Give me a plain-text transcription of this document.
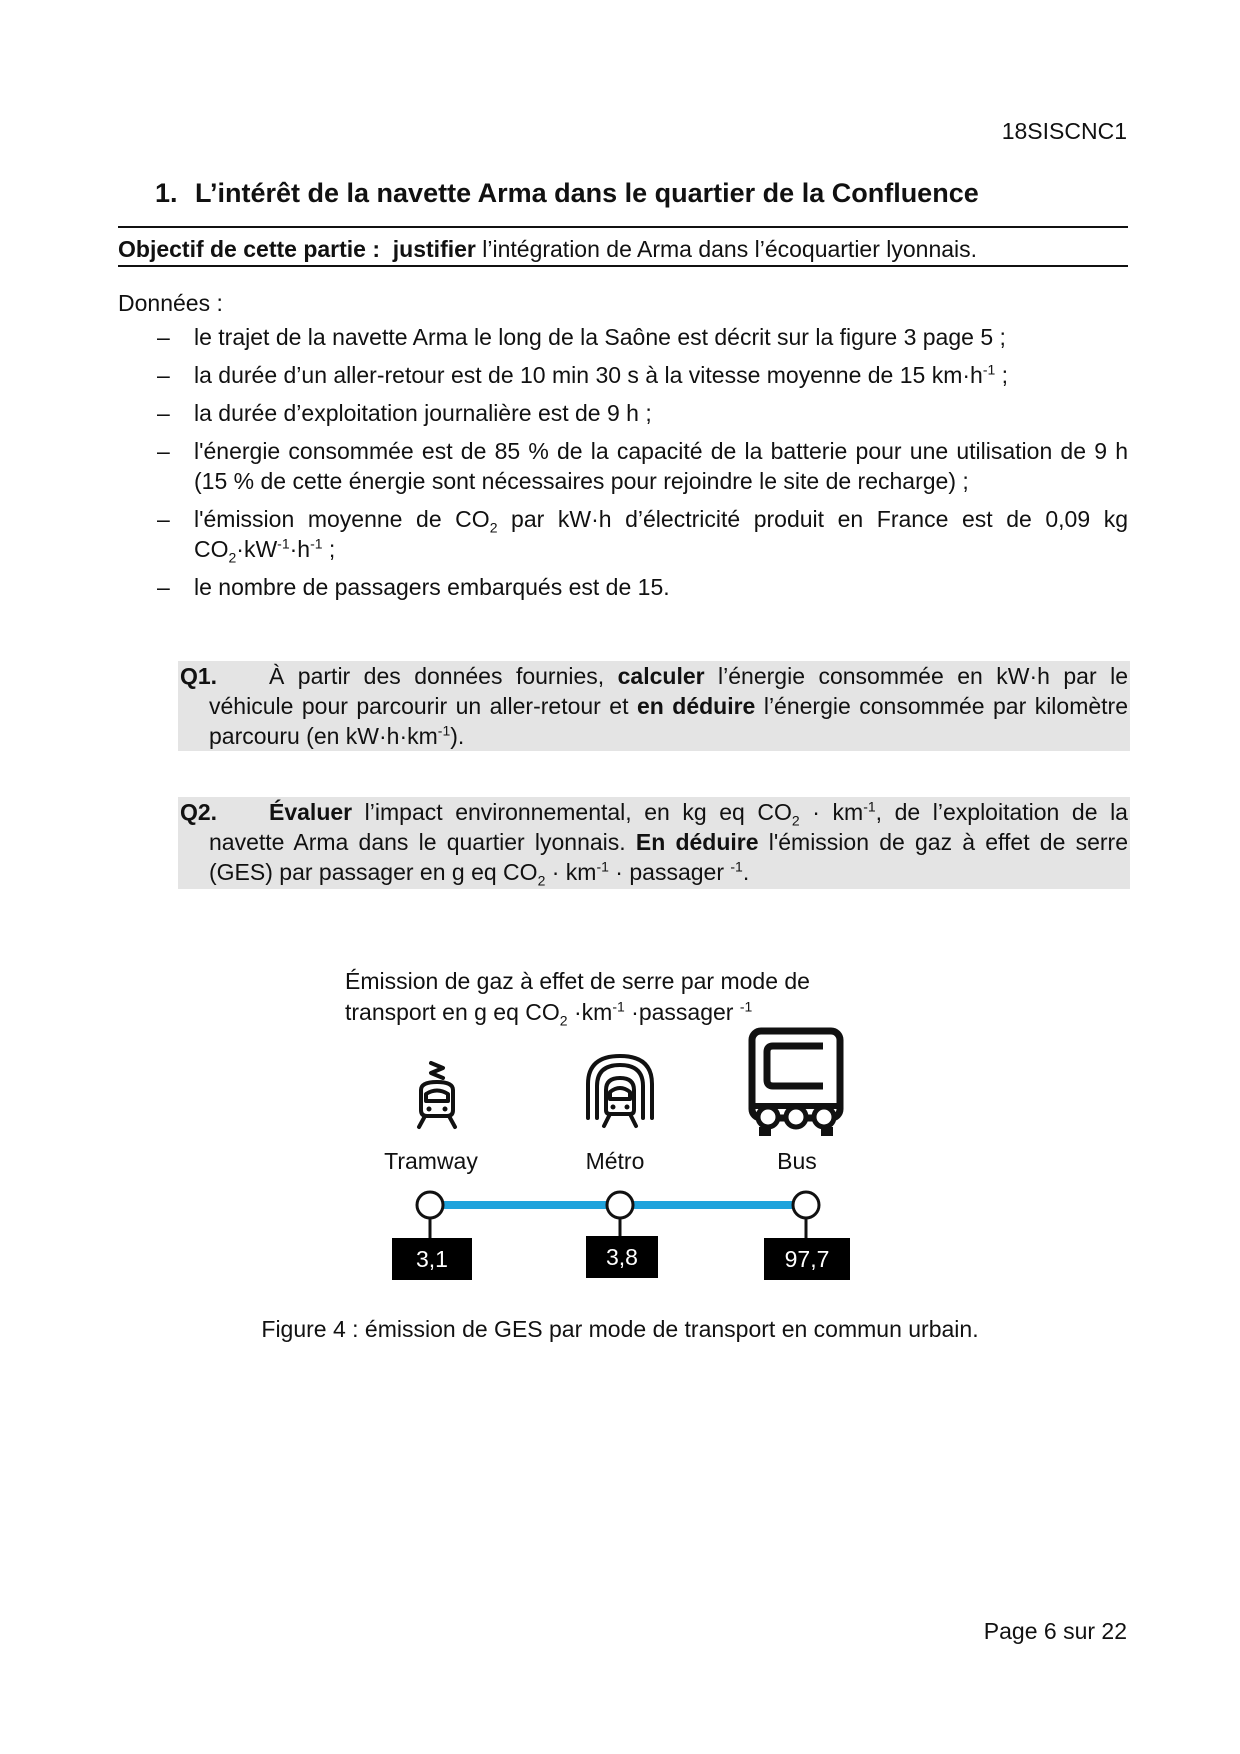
18SISCNC1
1. L’intérêt de la navette Arma dans le quartier de la Confluence
Objectif de cette partie : justifier l’intégration de Arma dans l’écoquartier lyonnais.
Données :
– le trajet de la navette Arma le long de la Saône est décrit sur la figure 3 page 5 ;
– la durée d’un aller-retour est de 10 min 30 s à la vitesse moyenne de 15 $km\cdot h^{-1}$ ;
– la durée d’exploitation journalière est de 9 h ;
– l'énergie consommée est de 85 % de la capacité de la batterie pour une utilisation de 9 h (15 % de cette énergie sont nécessaires pour rejoindre le site de recharge) ;
– l'émission moyenne de $CO_2$ par kW·h d’électricité produit en France est de 0,09 kg $CO_2\cdot kW^{-1}\cdot h^{-1}$ ;
– le nombre de passagers embarqués est de 15.
Q1. À partir des données fournies, calculer l’énergie consommée en kW·h par le véhicule pour parcourir un aller-retour et en déduire l’énergie consommée par kilomètre parcouru (en $kW\cdot h\cdot km^{-1}$).
Q2. Évaluer l’impact environnemental, en kg eq $CO_2 \cdot km^{-1}$, de l’exploitation de la navette Arma dans le quartier lyonnais. En déduire l'émission de gaz à effet de serre (GES) par passager en g eq $CO_2 \cdot km^{-1}$ · passager $^{-1}$.
Émission de gaz à effet de serre par mode de
transport en g eq $CO_2 \cdot km^{-1}$ ·passager $^{-1}$
Tramway	Métro	Bus
3,1	3,8	97,7
Figure 4 : émission de GES par mode de transport en commun urbain.
Page 6 sur 22
